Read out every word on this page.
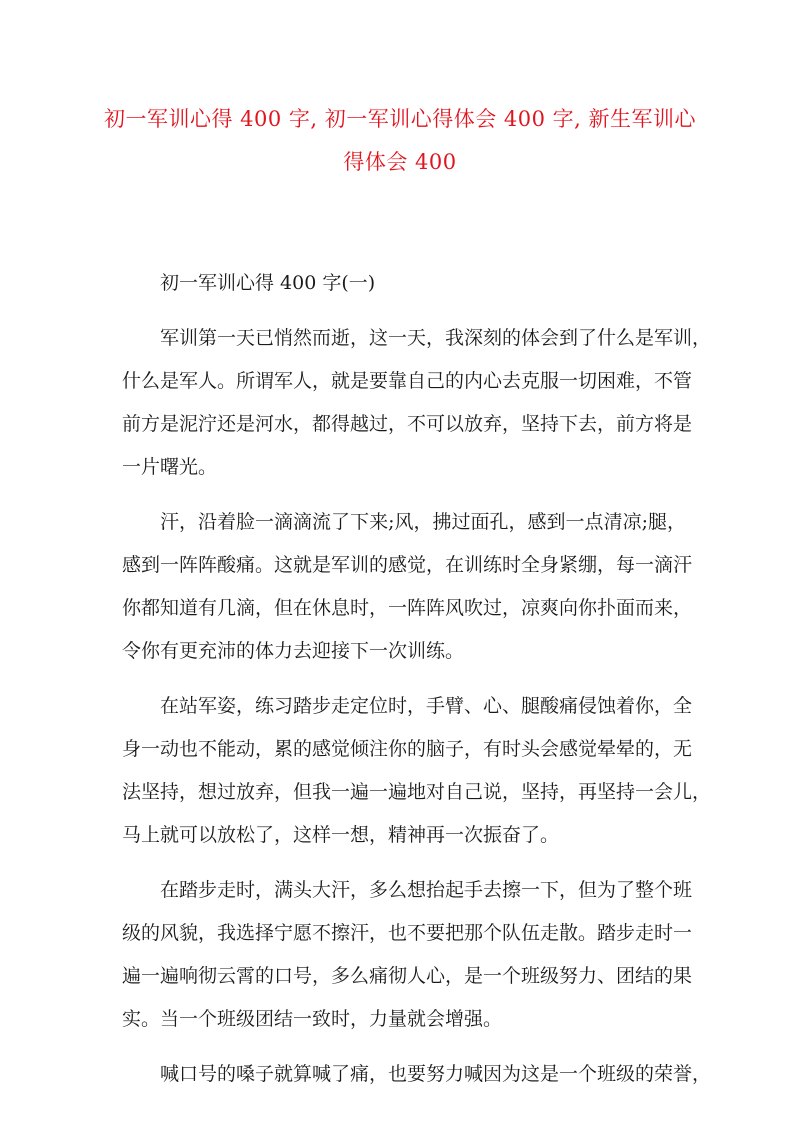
初一军训心得 400 字, 初一军训心得体会 400 字, 新生军训心
得体会 400
初一军训心得 400 字(一)
军训第一天已悄然而逝，这一天，我深刻的体会到了什么是军训，
什么是军人。所谓军人，就是要靠自己的内心去克服一切困难，不管
前方是泥泞还是河水，都得越过，不可以放弃，坚持下去，前方将是
一片曙光。
汗，沿着脸一滴滴流了下来;风，拂过面孔，感到一点清凉;腿，
感到一阵阵酸痛。这就是军训的感觉，在训练时全身紧绷，每一滴汗
你都知道有几滴，但在休息时，一阵阵风吹过，凉爽向你扑面而来，
令你有更充沛的体力去迎接下一次训练。
在站军姿，练习踏步走定位时，手臂、心、腿酸痛侵蚀着你，全
身一动也不能动，累的感觉倾注你的脑子，有时头会感觉晕晕的，无
法坚持，想过放弃，但我一遍一遍地对自己说，坚持，再坚持一会儿，
马上就可以放松了，这样一想，精神再一次振奋了。
在踏步走时，满头大汗，多么想抬起手去擦一下，但为了整个班
级的风貌，我选择宁愿不擦汗，也不要把那个队伍走散。踏步走时一
遍一遍响彻云霄的口号，多么痛彻人心，是一个班级努力、团结的果
实。当一个班级团结一致时，力量就会增强。
喊口号的嗓子就算喊了痛，也要努力喊因为这是一个班级的荣誉，
